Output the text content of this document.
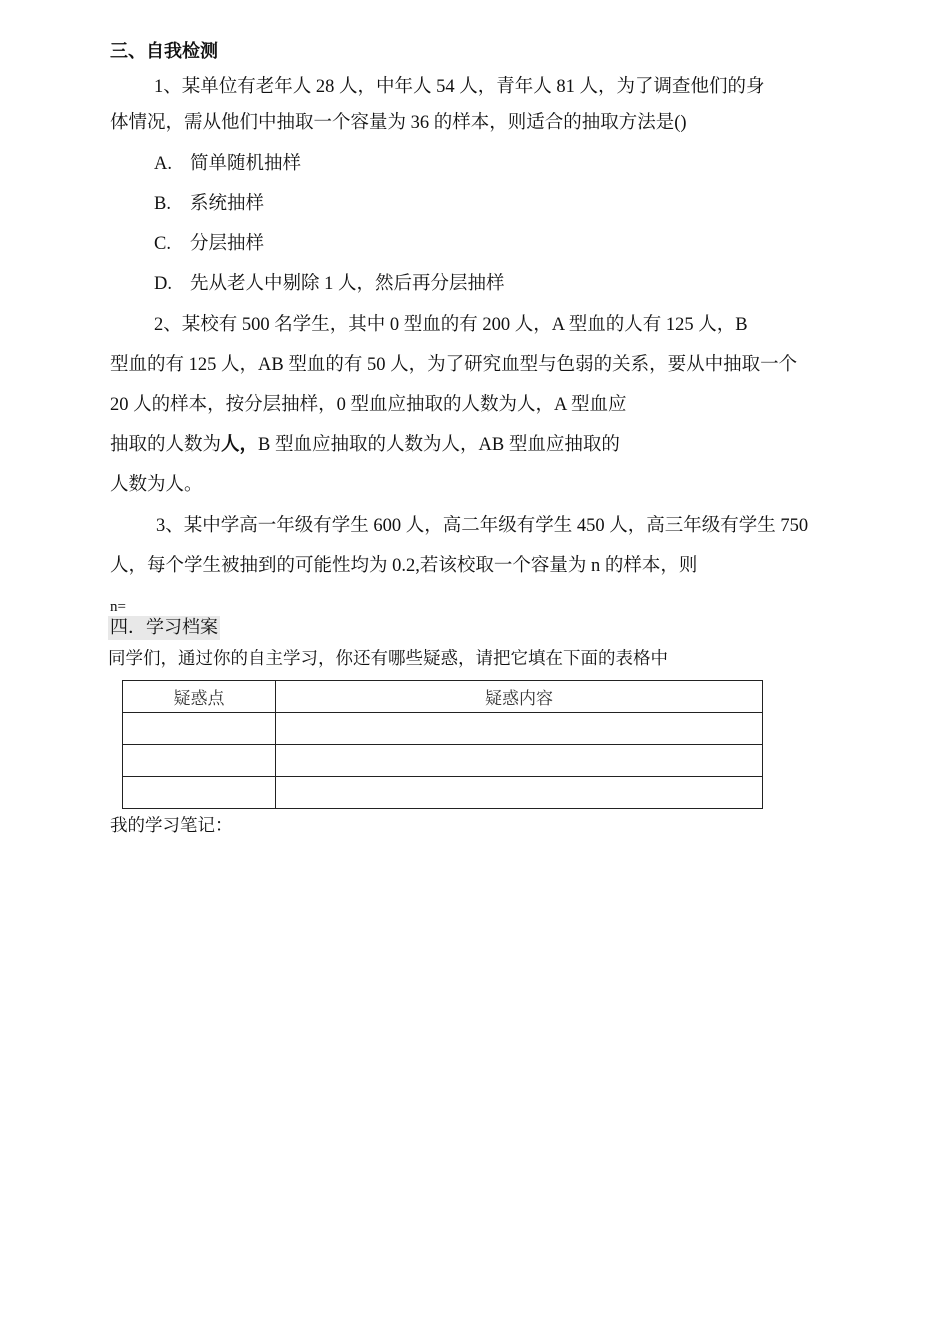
三、自我检测
1、某单位有老年人 28 人，中年人 54 人，青年人 81 人，为了调查他们的身
体情况，需从他们中抽取一个容量为 36 的样本，则适合的抽取方法是()
A. 简单随机抽样
B. 系统抽样
C. 分层抽样
D. 先从老人中剔除 1 人，然后再分层抽样
2、某校有 500 名学生，其中 0 型血的有 200 人，A 型血的人有 125 人，B
型血的有 125 人，AB 型血的有 50 人，为了研究血型与色弱的关系，要从中抽取一个
20 人的样本，按分层抽样，0 型血应抽取的人数为人，A 型血应
抽取的人数为人，B 型血应抽取的人数为人，AB 型血应抽取的
人数为人。
3、某中学高一年级有学生 600 人，高二年级有学生 450 人，高三年级有学生 750
人，每个学生被抽到的可能性均为 0.2,若该校取一个容量为 n 的样本，则
n=
四．学习档案
同学们，通过你的自主学习，你还有哪些疑惑，请把它填在下面的表格中
疑惑点	疑惑内容

我的学习笔记：
